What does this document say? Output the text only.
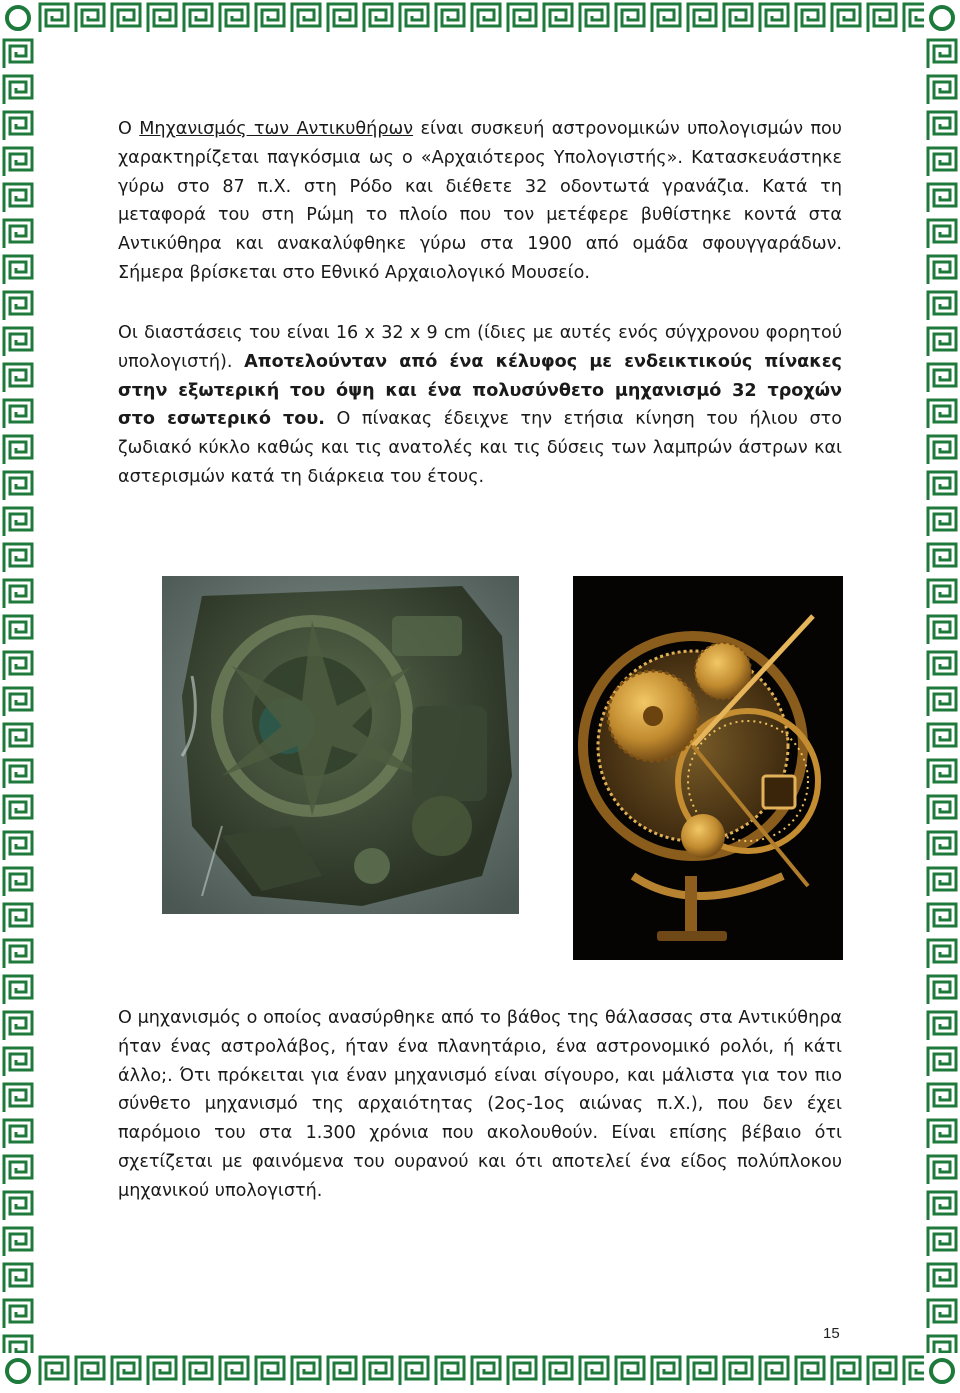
Ο Μηχανισμός των Αντικυθήρων είναι συσκευή αστρονομικών υπολογισμών που χαρακτηρίζεται παγκόσμια ως ο «Αρχαιότερος Υπολογιστής». Κατασκευάστηκε γύρω στο 87 π.Χ. στη Ρόδο και διέθετε 32 οδοντωτά γρανάζια. Κατά τη μεταφορά του στη Ρώμη το πλοίο που τον μετέφερε βυθίστηκε κοντά στα Αντικύθηρα και ανακαλύφθηκε γύρω στα 1900 από ομάδα σφουγγαράδων. Σήμερα βρίσκεται στο Εθνικό Αρχαιολογικό Μουσείο.

Οι διαστάσεις του είναι 16 x 32 x 9 cm (ίδιες με αυτές ενός σύγχρονου φορητού υπολογιστή). Αποτελούνταν από ένα κέλυφος με ενδεικτικούς πίνακες στην εξωτερική του όψη και ένα πολυσύνθετο μηχανισμό 32 τροχών στο εσωτερικό του. Ο πίνακας έδειχνε την ετήσια κίνηση του ήλιου στο ζωδιακό κύκλο καθώς και τις ανατολές και τις δύσεις των λαμπρών άστρων και αστερισμών κατά τη διάρκεια του έτους.

Ο μηχανισμός ο οποίος ανασύρθηκε από το βάθος της θάλασσας στα Αντικύθηρα ήταν ένας αστρολάβος, ήταν ένα πλανητάριο, ένα αστρονομικό ρολόι, ή κάτι άλλο;. Ότι πρόκειται για έναν μηχανισμό είναι σίγουρο, και μάλιστα για τον πιο σύνθετο μηχανισμό της αρχαιότητας (2ος-1ος αιώνας π.Χ.), που δεν έχει παρόμοιο του στα 1.300 χρόνια που ακολουθούν. Είναι επίσης βέβαιο ότι σχετίζεται με φαινόμενα του ουρανού και ότι αποτελεί ένα είδος πολύπλοκου μηχανικού υπολογιστή.

15
